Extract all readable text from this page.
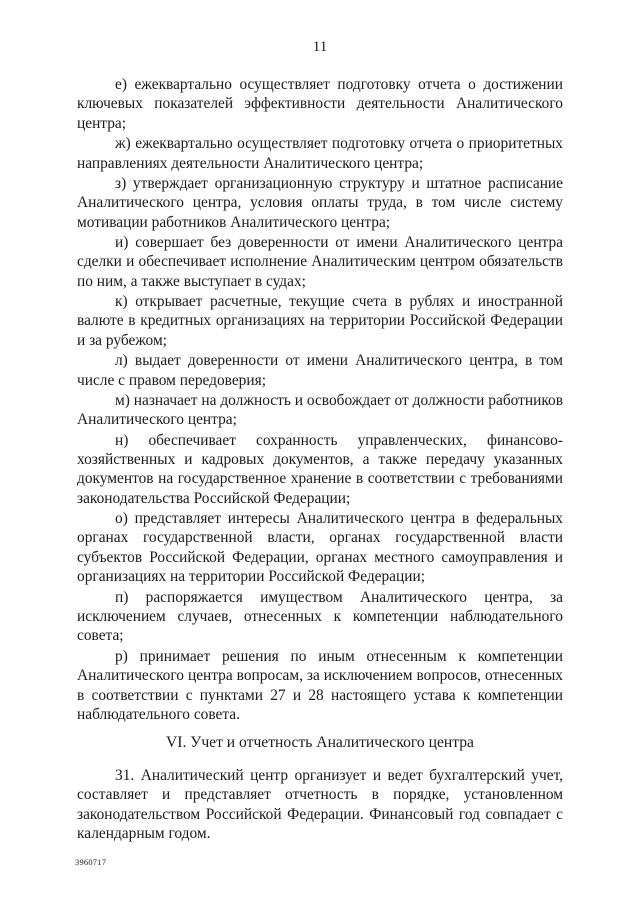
11

е) ежеквартально осуществляет подготовку отчета о достижении ключевых показателей эффективности деятельности Аналитического центра;

ж) ежеквартально осуществляет подготовку отчета о приоритетных направлениях деятельности Аналитического центра;

з) утверждает организационную структуру и штатное расписание Аналитического центра, условия оплаты труда, в том числе систему мотивации работников Аналитического центра;

и) совершает без доверенности от имени Аналитического центра сделки и обеспечивает исполнение Аналитическим центром обязательств по ним, а также выступает в судах;

к) открывает расчетные, текущие счета в рублях и иностранной валюте в кредитных организациях на территории Российской Федерации и за рубежом;

л) выдает доверенности от имени Аналитического центра, в том числе с правом передоверия;

м) назначает на должность и освобождает от должности работников Аналитического центра;

н) обеспечивает сохранность управленческих, финансово-хозяйственных и кадровых документов, а также передачу указанных документов на государственное хранение в соответствии с требованиями законодательства Российской Федерации;

о) представляет интересы Аналитического центра в федеральных органах государственной власти, органах государственной власти субъектов Российской Федерации, органах местного самоуправления и организациях на территории Российской Федерации;

п) распоряжается имуществом Аналитического центра, за исключением случаев, отнесенных к компетенции наблюдательного совета;

р) принимает решения по иным отнесенным к компетенции Аналитического центра вопросам, за исключением вопросов, отнесенных в соответствии с пунктами 27 и 28 настоящего устава к компетенции наблюдательного совета.

VI. Учет и отчетность Аналитического центра

31. Аналитический центр организует и ведет бухгалтерский учет, составляет и представляет отчетность в порядке, установленном законодательством Российской Федерации. Финансовый год совпадает с календарным годом.

3960717
